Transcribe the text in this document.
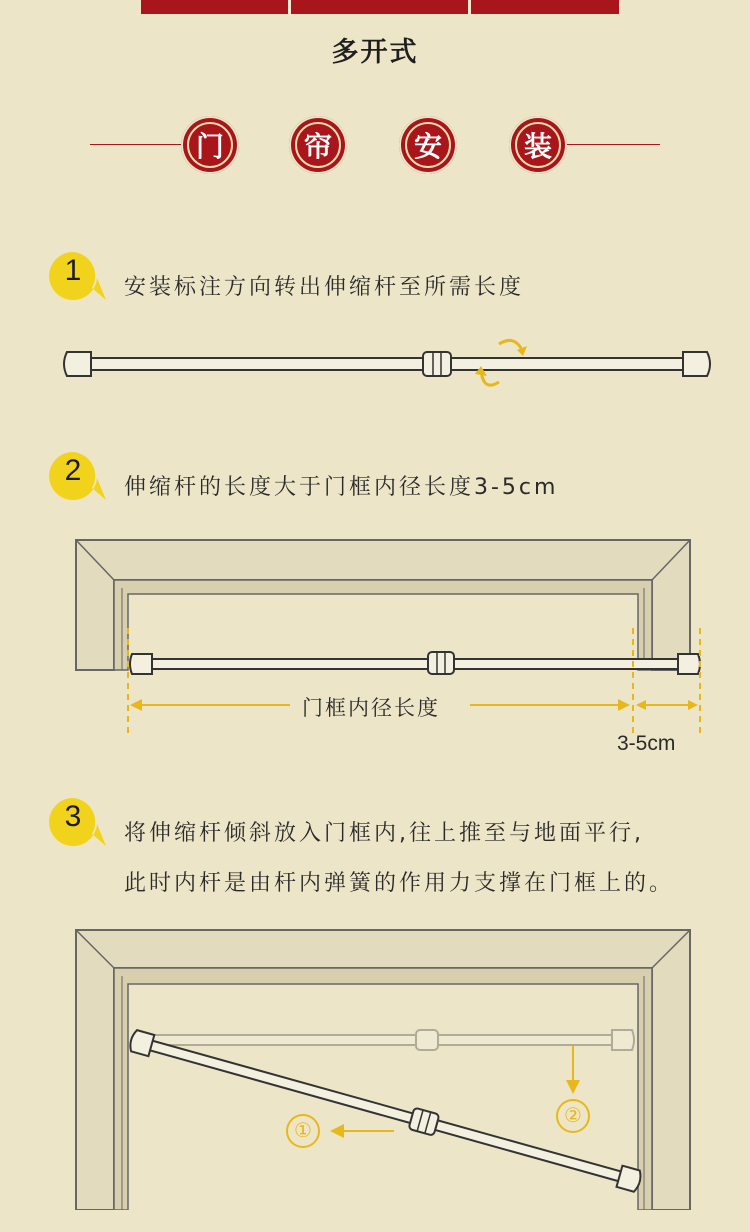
多开式
门	帘	安	装
1
安装标注方向转出伸缩杆至所需长度
2
伸缩杆的长度大于门框内径长度3-5cm
门框内径长度
3-5cm
3
将伸缩杆倾斜放入门框内,往上推至与地面平行,
此时内杆是由杆内弹簧的作用力支撑在门框上的。
①
②
